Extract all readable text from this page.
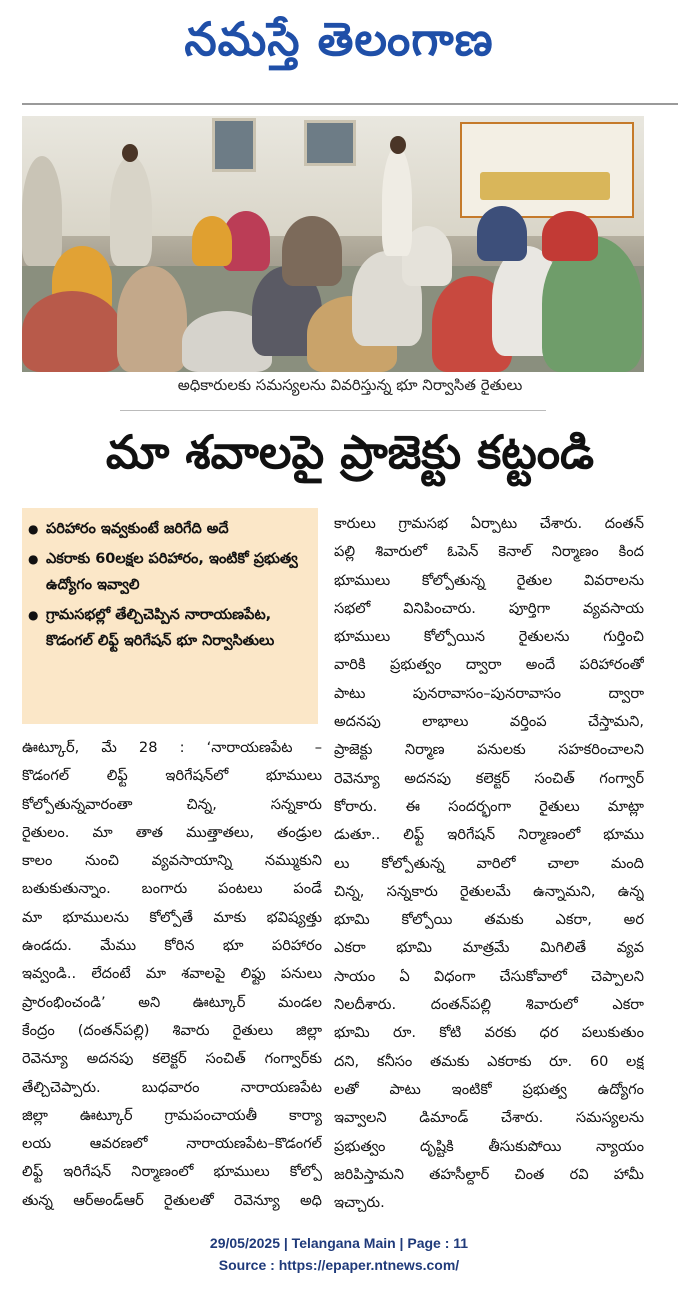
నమస్తే తెలంగాణ
అధికారులకు సమస్యలను వివరిస్తున్న భూ నిర్వాసిత రైతులు
మా శవాలపై ప్రాజెక్టు కట్టండి
● పరిహారం ఇవ్వకుంటే జరిగేది అదే
● ఎకరాకు 60లక్షల పరిహారం, ఇంటికో ప్రభుత్వ ఉద్యోగం ఇవ్వాలి
● గ్రామసభల్లో తేల్చిచెప్పిన నారాయణపేట, కొడంగల్ లిఫ్ట్ ఇరిగేషన్ భూ నిర్వాసితులు
ఊట్కూర్, మే 28 : ‘నారాయణపేట –
కొడంగల్ లిఫ్ట్ ఇరిగేషన్‌లో భూములు
కోల్పోతున్నవారంతా చిన్న, సన్నకారు
రైతులం. మా తాత ముత్తాతలు, తండ్రుల
కాలం నుంచి వ్యవసాయాన్ని నమ్ముకుని
బతుకుతున్నాం. బంగారు పంటలు పండే
మా భూములను కోల్పోతే మాకు భవిష్యత్తు
ఉండదు. మేము కోరిన భూ పరిహారం
ఇవ్వండి.. లేదంటే మా శవాలపై లిఫ్టు పనులు
ప్రారంభించండి’ అని ఊట్కూర్ మండల
కేంద్రం (దంతన్‌పల్లి) శివారు రైతులు జిల్లా
రెవెన్యూ అదనపు కలెక్టర్ సంచిత్ గంగ్వార్‌కు
తేల్చిచెప్పారు. బుధవారం నారాయణపేట
జిల్లా ఊట్కూర్ గ్రామపంచాయతీ కార్యా
లయ ఆవరణలో నారాయణపేట–కొడంగల్
లిఫ్ట్ ఇరిగేషన్ నిర్మాణంలో భూములు కోల్పో
తున్న ఆర్అండ్ఆర్ రైతులతో రెవెన్యూ అధి
కారులు గ్రామసభ ఏర్పాటు చేశారు. దంతన్
పల్లి శివారులో ఓపెన్ కెనాల్ నిర్మాణం కింద
భూములు కోల్పోతున్న రైతుల వివరాలను
సభలో వినిపించారు. పూర్తిగా వ్యవసాయ
భూములు కోల్పోయిన రైతులను గుర్తించి
వారికి ప్రభుత్వం ద్వారా అందే పరిహారంతో
పాటు పునరావాసం–పునరావాసం ద్వారా
అదనపు లాభాలు వర్తింప చేస్తామని,
ప్రాజెక్టు నిర్మాణ పనులకు సహకరించాలని
రెవెన్యూ అదనపు కలెక్టర్ సంచిత్ గంగ్వార్
కోరారు. ఈ సందర్భంగా రైతులు మాట్లా
డుతూ.. లిఫ్ట్ ఇరిగేషన్ నిర్మాణంలో భూము
లు కోల్పోతున్న వారిలో చాలా మంది
చిన్న, సన్నకారు రైతులమే ఉన్నామని, ఉన్న
భూమి కోల్పోయి తమకు ఎకరా, అర
ఎకరా భూమి మాత్రమే మిగిలితే వ్యవ
సాయం ఏ విధంగా చేసుకోవాలో చెప్పాలని
నిలదీశారు. దంతన్‌పల్లి శివారులో ఎకరా
భూమి రూ. కోటి వరకు ధర పలుకుతుం
దని, కనీసం తమకు ఎకరాకు రూ. 60 లక్ష
లతో పాటు ఇంటికో ప్రభుత్వ ఉద్యోగం
ఇవ్వాలని డిమాండ్ చేశారు. సమస్యలను
ప్రభుత్వం దృష్టికి తీసుకుపోయి న్యాయం
జరిపిస్తామని తహసీల్దార్ చింత రవి హామీ
ఇచ్చారు.
29/05/2025 | Telangana Main | Page : 11
Source : https://epaper.ntnews.com/
